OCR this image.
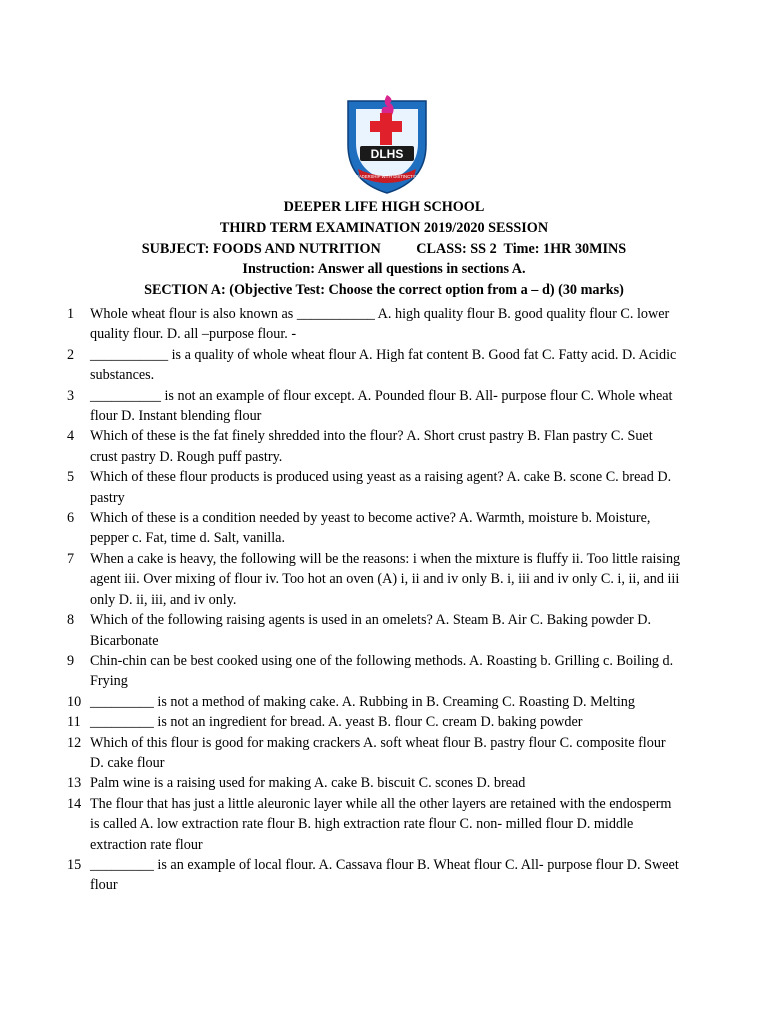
DLHS
LEADERSHIP WITH DISTINCTION
DEEPER LIFE HIGH SCHOOL
THIRD TERM EXAMINATION 2019/2020 SESSION
SUBJECT: FOODS AND NUTRITION          CLASS: SS 2  Time: 1HR 30MINS
Instruction: Answer all questions in sections A.
SECTION A: (Objective Test: Choose the correct option from a – d) (30 marks)
1 Whole wheat flour is also known as ___________ A. high quality flour B. good quality flour C. lower quality flour. D. all –purpose flour. -
2 ___________ is a quality of whole wheat flour A. High fat content B. Good fat C. Fatty acid. D. Acidic substances.
3 __________ is not an example of flour except. A. Pounded flour B. All- purpose flour C. Whole wheat flour D. Instant blending flour
4 Which of these is the fat finely shredded into the flour? A. Short crust pastry B. Flan pastry C. Suet crust pastry D. Rough puff pastry.
5 Which of these flour products is produced using yeast as a raising agent? A. cake B. scone C. bread D. pastry
6 Which of these is a condition needed by yeast to become active? A. Warmth, moisture b. Moisture, pepper c. Fat, time d. Salt, vanilla.
7 When a cake is heavy, the following will be the reasons: i when the mixture is fluffy ii. Too little raising agent iii. Over mixing of flour iv. Too hot an oven (A) i, ii and iv only B. i, iii and iv only C. i, ii, and iii only D. ii, iii, and iv only.
8 Which of the following raising agents is used in an omelets? A. Steam B. Air C. Baking powder D. Bicarbonate
9 Chin-chin can be best cooked using one of the following methods. A. Roasting b. Grilling c. Boiling d. Frying
10 _________ is not a method of making cake. A. Rubbing in B. Creaming C. Roasting D. Melting
11 _________ is not an ingredient for bread. A. yeast B. flour C. cream D. baking powder
12 Which of this flour is good for making crackers A. soft wheat flour B. pastry flour C. composite flour D. cake flour
13 Palm wine is a raising used for making A. cake B. biscuit C. scones D. bread
14 The flour that has just a little aleuronic layer while all the other layers are retained with the endosperm is called A. low extraction rate flour B. high extraction rate flour C. non- milled flour D. middle extraction rate flour
15 _________ is an example of local flour. A. Cassava flour B. Wheat flour C. All- purpose flour D. Sweet flour
